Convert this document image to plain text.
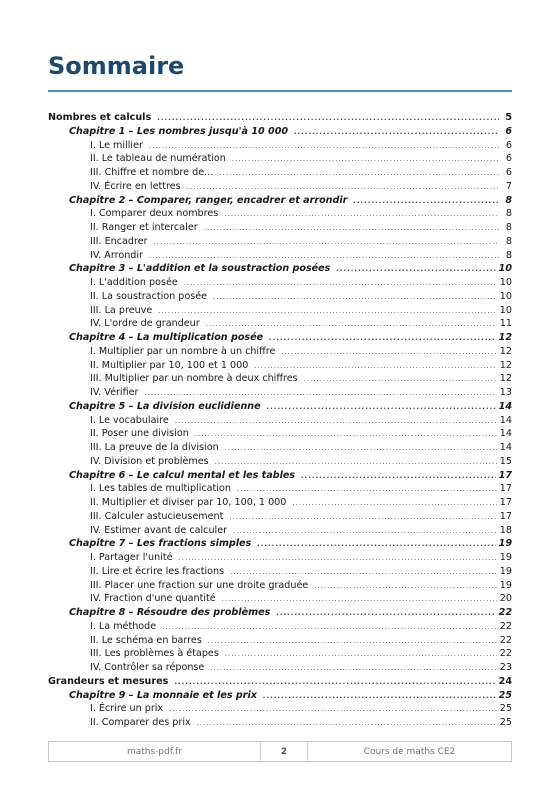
Sommaire
Nombres et calculs .....	5
Chapitre 1 – Les nombres jusqu'à 10 000 .....	6
I. Le millier .....	6
II. Le tableau de numération .....	6
III. Chiffre et nombre de... .....	6
IV. Écrire en lettres .....	7
Chapitre 2 – Comparer, ranger, encadrer et arrondir .....	8
I. Comparer deux nombres .....	8
II. Ranger et intercaler .....	8
III. Encadrer .....	8
IV. Arrondir .....	8
Chapitre 3 – L'addition et la soustraction posées .....	10
I. L'addition posée .....	10
II. La soustraction posée .....	10
III. La preuve .....	10
IV. L'ordre de grandeur .....	11
Chapitre 4 – La multiplication posée .....	12
I. Multiplier par un nombre à un chiffre .....	12
II. Multiplier par 10, 100 et 1 000 .....	12
III. Multiplier par un nombre à deux chiffres .....	12
IV. Vérifier .....	13
Chapitre 5 – La division euclidienne .....	14
I. Le vocabulaire .....	14
II. Poser une division .....	14
III. La preuve de la division .....	14
IV. Division et problèmes .....	15
Chapitre 6 – Le calcul mental et les tables .....	17
I. Les tables de multiplication .....	17
II. Multiplier et diviser par 10, 100, 1 000 .....	17
III. Calculer astucieusement .....	17
IV. Estimer avant de calculer .....	18
Chapitre 7 – Les fractions simples .....	19
I. Partager l'unité .....	19
II. Lire et écrire les fractions .....	19
III. Placer une fraction sur une droite graduée .....	19
IV. Fraction d'une quantité .....	20
Chapitre 8 – Résoudre des problèmes .....	22
I. La méthode .....	22
II. Le schéma en barres .....	22
III. Les problèmes à étapes .....	22
IV. Contrôler sa réponse .....	23
Grandeurs et mesures .....	24
Chapitre 9 – La monnaie et les prix .....	25
I. Écrire un prix .....	25
II. Comparer des prix .....	25
maths-pdf.fr	2	Cours de maths CE2
